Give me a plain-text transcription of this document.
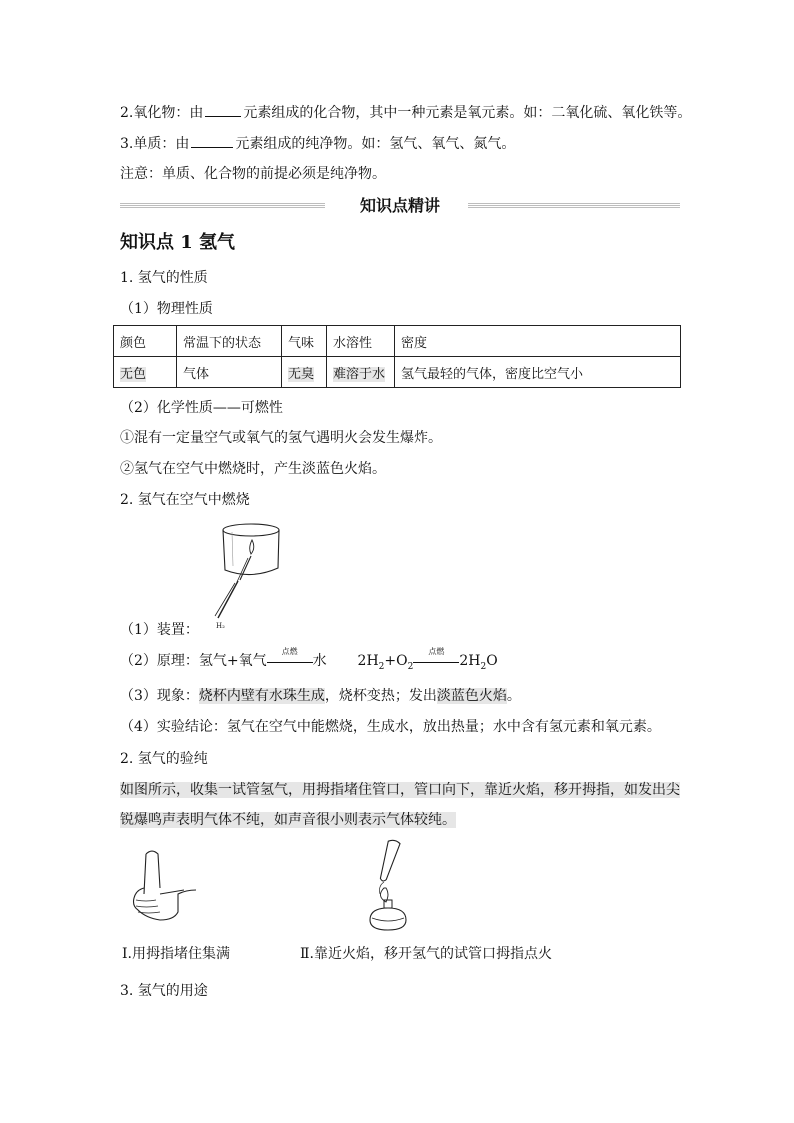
2.氧化物：由	元素组成的化合物，其中一种元素是氧元素。如：二氧化硫、氧化铁等。
3.单质：由	元素组成的纯净物。如：氢气、氧气、氮气。
注意：单质、化合物的前提必须是纯净物。
知识点精讲
知识点 1 氢气
1. 氢气的性质
（1）物理性质
颜色	常温下的状态	气味	水溶性	密度
无色	气体	无臭	难溶于水	氢气最轻的气体，密度比空气小
（2）化学性质——可燃性
①混有一定量空气或氧气的氢气遇明火会发生爆炸。
②氢气在空气中燃烧时，产生淡蓝色火焰。
2. 氢气在空气中燃烧
H₂
（1）装置：
（2）原理：氢气+氧气
点燃
水 $2H_2+O_2$
点燃
$2H_2O$
（3）现象：烧杯内壁有水珠生成，烧杯变热；发出淡蓝色火焰。
（4）实验结论：氢气在空气中能燃烧，生成水，放出热量；水中含有氢元素和氧元素。
2. 氢气的验纯
如图所示，收集一试管氢气，用拇指堵住管口，管口向下，靠近火焰，移开拇指，如发出尖
锐爆鸣声表明气体不纯，如声音很小则表示气体较纯。
Ⅰ.用拇指堵住集满	Ⅱ.靠近火焰，移开氢气的试管口拇指点火
3. 氢气的用途
